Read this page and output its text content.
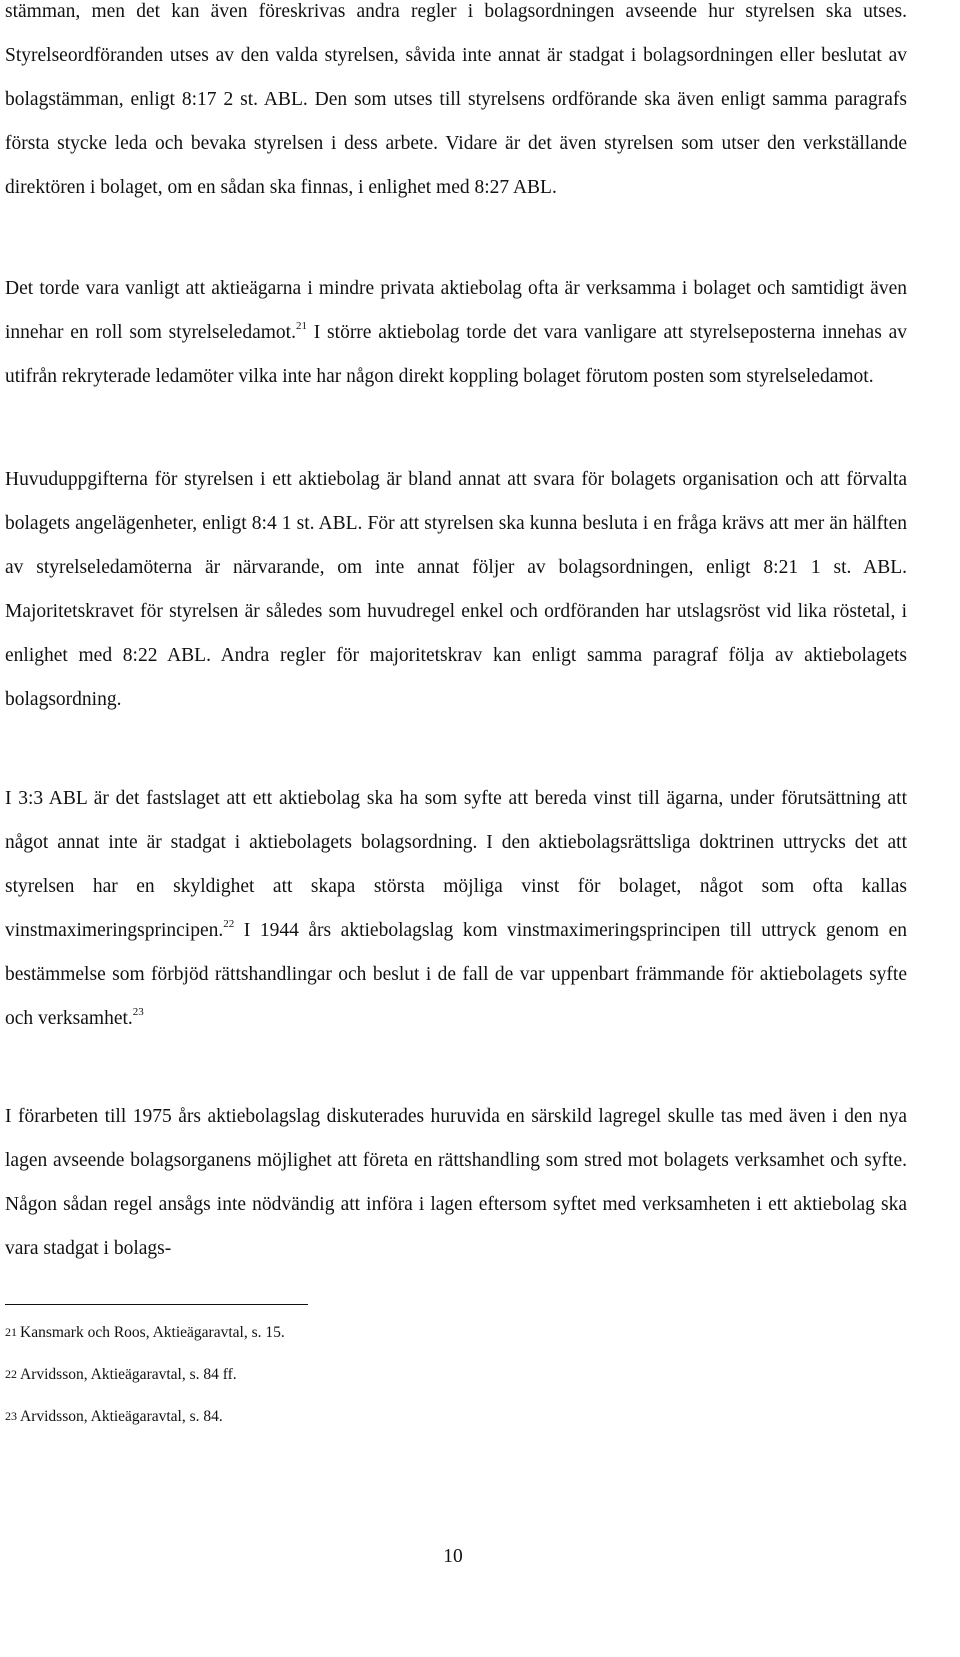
stämman, men det kan även föreskrivas andra regler i bolagsordningen avseende hur styrelsen ska utses. Styrelseordföranden utses av den valda styrelsen, såvida inte annat är stadgat i bolagsordningen eller beslutat av bolagstämman, enligt 8:17 2 st. ABL. Den som utses till styrelsens ordförande ska även enligt samma paragrafs första stycke leda och bevaka styrelsen i dess arbete. Vidare är det även styrelsen som utser den verkställande direktören i bolaget, om en sådan ska finnas, i enlighet med 8:27 ABL.

Det torde vara vanligt att aktieägarna i mindre privata aktiebolag ofta är verksamma i bolaget och samtidigt även innehar en roll som styrelseledamot.$^{21}$ I större aktiebolag torde det vara vanligare att styrelseposterna innehas av utifrån rekryterade ledamöter vilka inte har någon direkt koppling bolaget förutom posten som styrelseledamot.

Huvuduppgifterna för styrelsen i ett aktiebolag är bland annat att svara för bolagets organisation och att förvalta bolagets angelägenheter, enligt 8:4 1 st. ABL. För att styrelsen ska kunna besluta i en fråga krävs att mer än hälften av styrelseledamöterna är närvarande, om inte annat följer av bolagsordningen, enligt 8:21 1 st. ABL. Majoritetskravet för styrelsen är således som huvudregel enkel och ordföranden har utslagsröst vid lika röstetal, i enlighet med 8:22 ABL. Andra regler för majoritetskrav kan enligt samma paragraf följa av aktiebolagets bolagsordning.

I 3:3 ABL är det fastslaget att ett aktiebolag ska ha som syfte att bereda vinst till ägarna, under förutsättning att något annat inte är stadgat i aktiebolagets bolagsordning. I den aktiebolagsrättsliga doktrinen uttrycks det att styrelsen har en skyldighet att skapa största möjliga vinst för bolaget, något som ofta kallas vinstmaximeringsprincipen.$^{22}$ I 1944 års aktiebolagslag kom vinstmaximeringsprincipen till uttryck genom en bestämmelse som förbjöd rättshandlingar och beslut i de fall de var uppenbart främmande för aktiebolagets syfte och verksamhet.$^{23}$

I förarbeten till 1975 års aktiebolagslag diskuterades huruvida en särskild lagregel skulle tas med även i den nya lagen avseende bolagsorganens möjlighet att företa en rättshandling som stred mot bolagets verksamhet och syfte. Någon sådan regel ansågs inte nödvändig att införa i lagen eftersom syftet med verksamheten i ett aktiebolag ska vara stadgat i bolags-

21 Kansmark och Roos, Aktieägaravtal, s. 15.

22 Arvidsson, Aktieägaravtal, s. 84 ff.

23 Arvidsson, Aktieägaravtal, s. 84.

10
